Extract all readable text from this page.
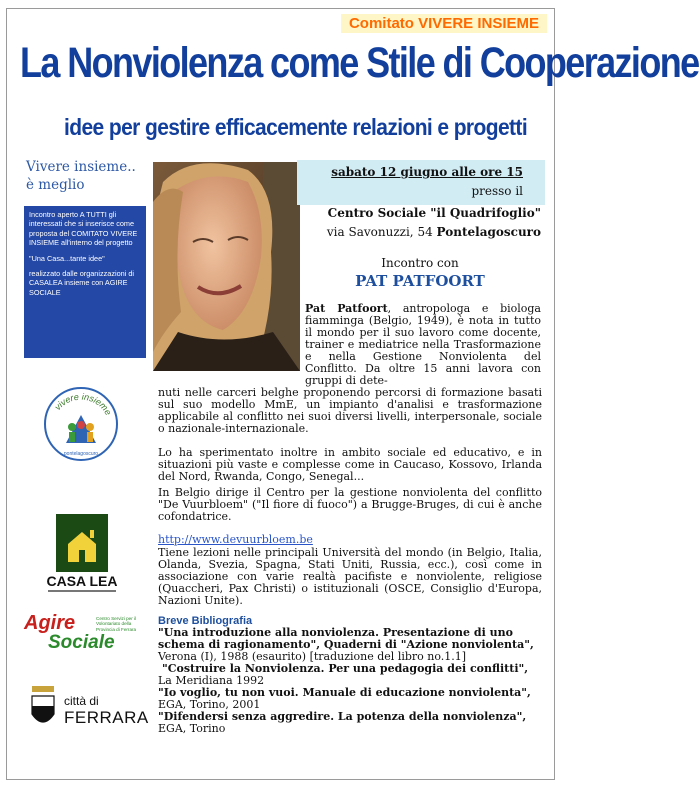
Comitato VIVERE INSIEME
La Nonviolenza come Stile di Cooperazione
idee per gestire efficacemente relazioni e progetti
Vivere insieme..
è meglio

Incontro aperto A TUTTI gli interessati che si inserisce come proposta del COMITATO VIVERE INSIEME all'interno del progetto

"Una Casa...tante idee"

realizzato dalle organizzazioni di CASALEA insieme con AGIRE SOCIALE

sabato 12 giugno alle ore 15
presso il
Centro Sociale "il Quadrifoglio"
via Savonuzzi, 54 Pontelagoscuro
Incontro con
PAT PATFOORT
Pat Patfoort, antropologa e biologa fiamminga (Belgio, 1949), è nota in tutto il mondo per il suo lavoro come docente, trainer e mediatrice nella Trasformazione e nella Gestione Nonviolenta del Conflitto. Da oltre 15 anni lavora con gruppi di dete-
nuti nelle carceri belghe proponendo percorsi di formazione basati sul suo modello MmE, un impianto d'analisi e trasformazione applicabile al conflitto nei suoi diversi livelli, interpersonale, sociale o nazionale-internazionale.
Lo ha sperimentato inoltre in ambito sociale ed educativo, e in situazioni più vaste e complesse come in Caucaso, Kossovo, Irlanda del Nord, Rwanda, Congo, Senegal...
In Belgio dirige il Centro per la gestione nonviolenta del conflitto "De Vuurbloem" ("Il fiore di fuoco") a Brugge-Bruges, di cui è anche cofondatrice.
http://www.devuurbloem.be
Tiene lezioni nelle principali Università del mondo (in Belgio, Italia, Olanda, Svezia, Spagna, Stati Uniti, Russia, ecc.), così come in associazione con varie realtà pacifiste e nonviolente, religiose (Quaccheri, Pax Christi) o istituzionali (OSCE, Consiglio d'Europa, Nazioni Unite).
Breve Bibliografia
"Una introduzione alla nonviolenza. Presentazione di uno schema di ragionamento", Quaderni di "Azione nonviolenta",
Verona (I), 1988 (esaurito) [traduzione del libro no.1.1]
"Costruire la Nonviolenza. Per una pedagogia dei conflitti",
La Meridiana 1992
"Io voglio, tu non vuoi. Manuale di educazione nonviolenta",
EGA, Torino, 2001
"Difendersi senza aggredire. La potenza della nonviolenza",
EGA, Torino
vivere insieme
pontelagoscuro
CASA LEA
Agire
Sociale
Centro Servizi per il Volontariato della Provincia di Ferrara
città di
FERRARA
